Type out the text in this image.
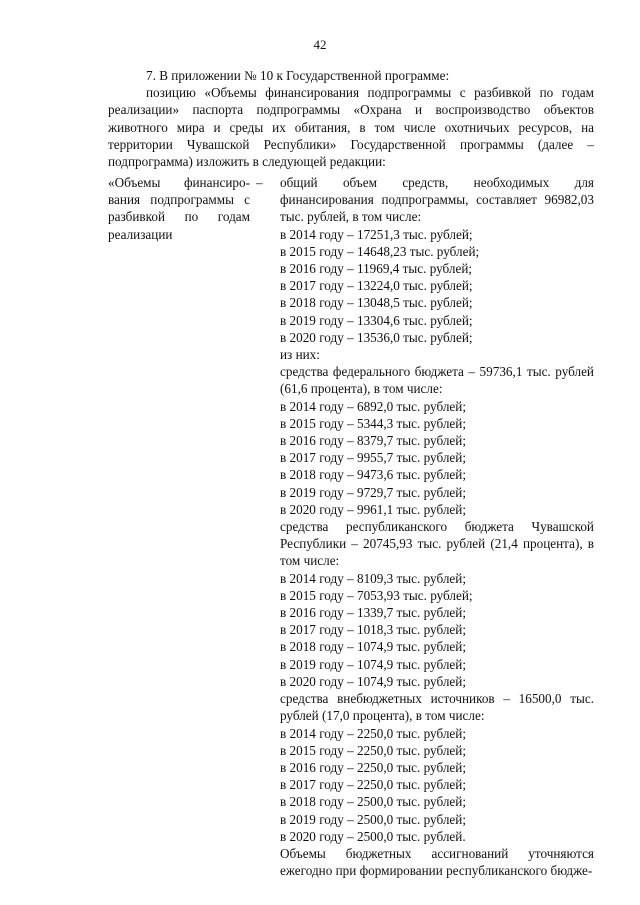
42

7. В приложении № 10 к Государственной программе:

позицию «Объемы финансирования подпрограммы с разбивкой по годам реализации» паспорта подпрограммы «Охрана и воспроизводство объектов животного мира и среды их обитания, в том числе охотничьих ресурсов, на территории Чувашской Республики» Государственной программы (далее – подпрограмма) изложить в следующей редакции:

«Объемы финансиро-
вания подпрограммы с
разбивкой по годам
реализации
– общий объем средств, необходимых для финансирования подпрограммы, составляет 96982,03 тыс. рублей, в том числе:

в 2014 году – 17251,3 тыс. рублей;
в 2015 году – 14648,23 тыс. рублей;
в 2016 году – 11969,4 тыс. рублей;
в 2017 году – 13224,0 тыс. рублей;
в 2018 году – 13048,5 тыс. рублей;
в 2019 году – 13304,6 тыс. рублей;
в 2020 году – 13536,0 тыс. рублей;
из них:

средства федерального бюджета – 59736,1 тыс. рублей (61,6 процента), в том числе:

в 2014 году – 6892,0 тыс. рублей;
в 2015 году – 5344,3 тыс. рублей;
в 2016 году – 8379,7 тыс. рублей;
в 2017 году – 9955,7 тыс. рублей;
в 2018 году – 9473,6 тыс. рублей;
в 2019 году – 9729,7 тыс. рублей;
в 2020 году – 9961,1 тыс. рублей;

средства республиканского бюджета Чувашской Республики – 20745,93 тыс. рублей (21,4 процента), в том числе:

в 2014 году – 8109,3 тыс. рублей;
в 2015 году – 7053,93 тыс. рублей;
в 2016 году – 1339,7 тыс. рублей;
в 2017 году – 1018,3 тыс. рублей;
в 2018 году – 1074,9 тыс. рублей;
в 2019 году – 1074,9 тыс. рублей;
в 2020 году – 1074,9 тыс. рублей;

средства внебюджетных источников – 16500,0 тыс. рублей (17,0 процента), в том числе:

в 2014 году – 2250,0 тыс. рублей;
в 2015 году – 2250,0 тыс. рублей;
в 2016 году – 2250,0 тыс. рублей;
в 2017 году – 2250,0 тыс. рублей;
в 2018 году – 2500,0 тыс. рублей;
в 2019 году – 2500,0 тыс. рублей;
в 2020 году – 2500,0 тыс. рублей.

Объемы бюджетных ассигнований уточняются ежегодно при формировании республиканского бюдже-
